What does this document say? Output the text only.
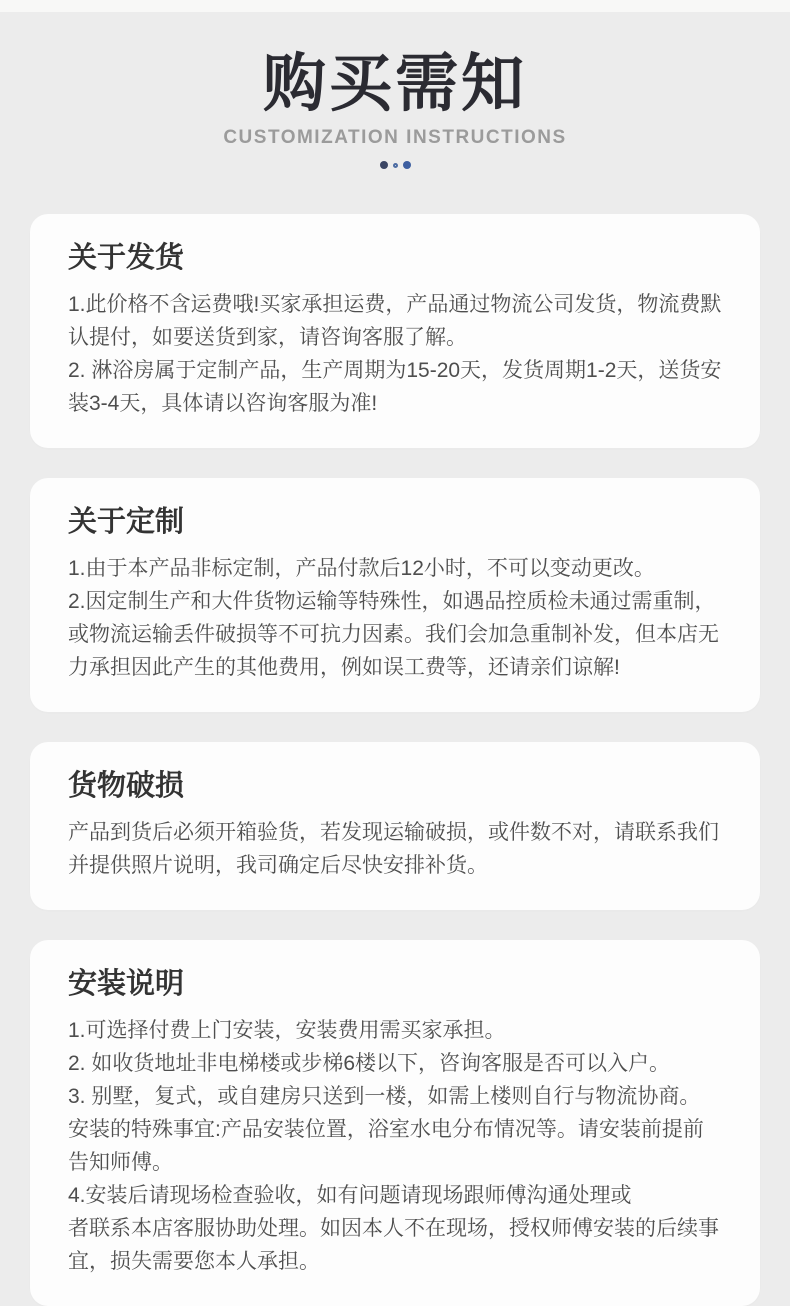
购买需知
CUSTOMIZATION INSTRUCTIONS
关于发货

1.此价格不含运费哦!买家承担运费，产品通过物流公司发货，物流费默认提付，如要送货到家，请咨询客服了解。

2. 淋浴房属于定制产品，生产周期为15-20天，发货周期1-2天，送货安装3-4天，具体请以咨询客服为准!

关于定制

1.由于本产品非标定制，产品付款后12小时，不可以变动更改。

2.因定制生产和大件货物运输等特殊性，如遇品控质检未通过需重制，或物流运输丢件破损等不可抗力因素。我们会加急重制补发，但本店无力承担因此产生的其他费用，例如误工费等，还请亲们谅解!

货物破损

产品到货后必须开箱验货，若发现运输破损，或件数不对，请联系我们并提供照片说明，我司确定后尽快安排补货。

安装说明

1.可选择付费上门安装，安装费用需买家承担。

2. 如收货地址非电梯楼或步梯6楼以下，咨询客服是否可以入户。

3. 别墅，复式，或自建房只送到一楼，如需上楼则自行与物流协商。

安装的特殊事宜:产品安装位置，浴室水电分布情况等。请安装前提前告知师傅。

4.安装后请现场检查验收，如有问题请现场跟师傅沟通处理或

者联系本店客服协助处理。如因本人不在现场，授权师傅安装的后续事宜，损失需要您本人承担。
